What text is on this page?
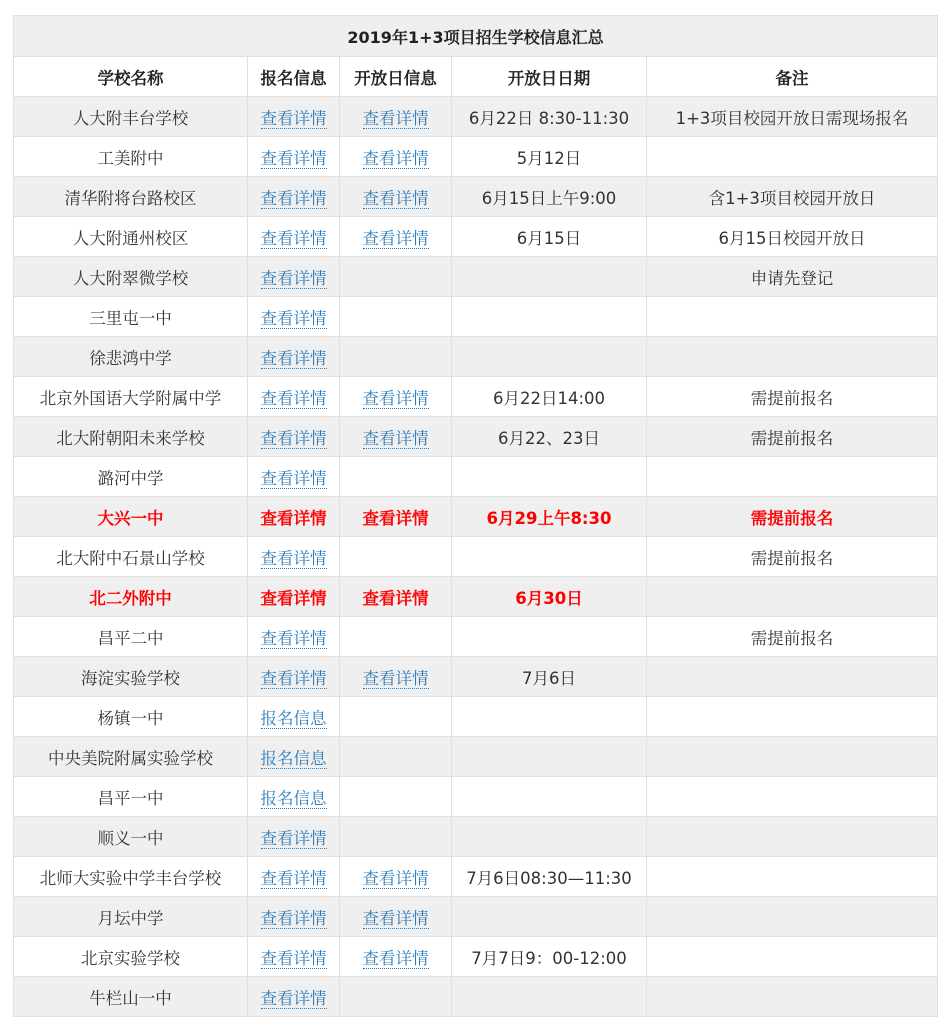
2019年1+3项目招生学校信息汇总				
学校名称	报名信息	开放日信息	开放日日期	备注
人大附丰台学校	查看详情	查看详情	6月22日 8:30-11:30	1+3项目校园开放日需现场报名
工美附中	查看详情	查看详情	5月12日	
清华附将台路校区	查看详情	查看详情	6月15日上午9:00	含1+3项目校园开放日
人大附通州校区	查看详情	查看详情	6月15日	6月15日校园开放日
人大附翠微学校	查看详情			申请先登记
三里屯一中	查看详情			
徐悲鸿中学	查看详情			
北京外国语大学附属中学	查看详情	查看详情	6月22日14:00	需提前报名
北大附朝阳未来学校	查看详情	查看详情	6月22、23日	需提前报名
潞河中学	查看详情			
大兴一中	查看详情	查看详情	6月29上午8:30	需提前报名
北大附中石景山学校	查看详情			需提前报名
北二外附中	查看详情	查看详情	6月30日	
昌平二中	查看详情			需提前报名
海淀实验学校	查看详情	查看详情	7月6日	
杨镇一中	报名信息			
中央美院附属实验学校	报名信息			
昌平一中	报名信息			
顺义一中	查看详情			
北师大实验中学丰台学校	查看详情	查看详情	7月6日08:30—11:30	
月坛中学	查看详情	查看详情		
北京实验学校	查看详情	查看详情	7月7日9：00-12:00	
牛栏山一中	查看详情			
